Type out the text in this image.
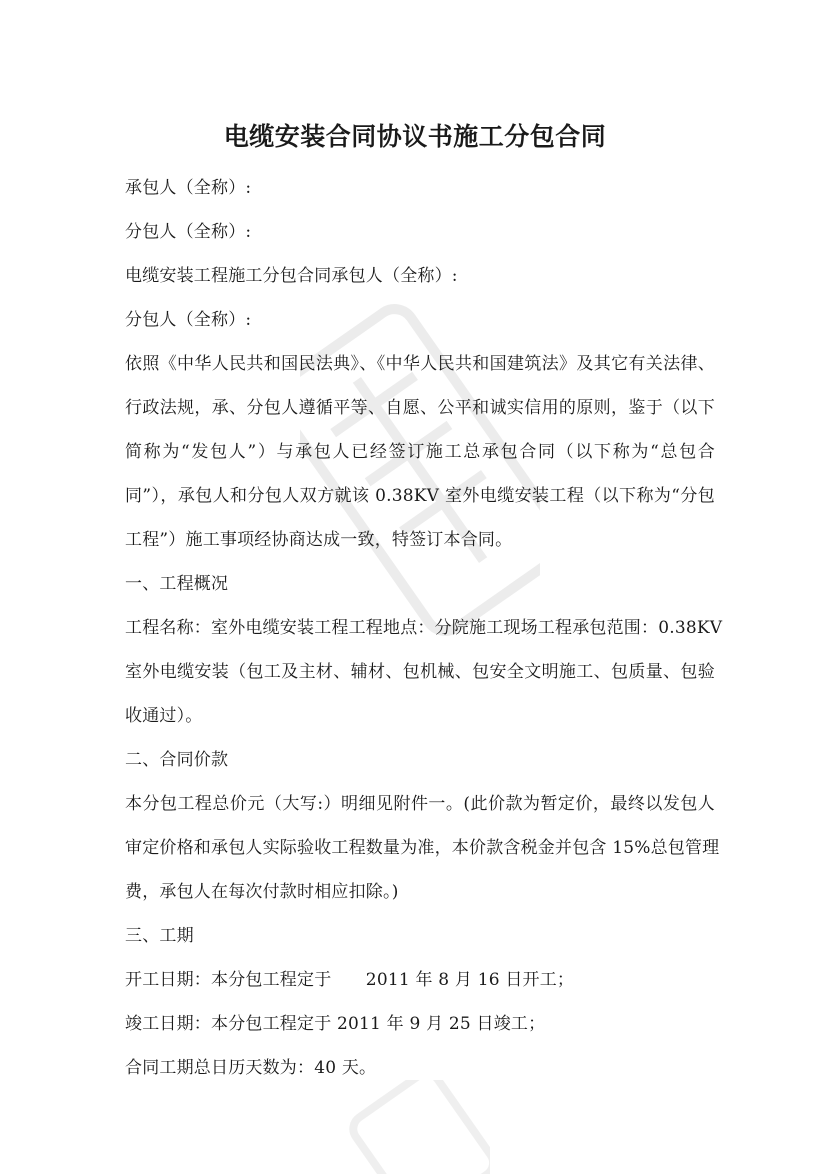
电缆安装合同协议书施工分包合同
承包人（全称）:
分包人（全称）:
电缆安装工程施工分包合同承包人（全称）:
分包人（全称）:
依照《中华人民共和国民法典》、《中华人民共和国建筑法》及其它有关法律、
行政法规，承、分包人遵循平等、自愿、公平和诚实信用的原则，鉴于（以下
简称为“发包人”）与承包人已经签订施工总承包合同（以下称为“总包合
同”），承包人和分包人双方就该 0.38KV 室外电缆安装工程（以下称为“分包
工程”）施工事项经协商达成一致，特签订本合同。
一、工程概况
工程名称：室外电缆安装工程工程地点：分院施工现场工程承包范围：0.38KV
室外电缆安装（包工及主材、辅材、包机械、包安全文明施工、包质量、包验
收通过）。
二、合同价款
本分包工程总价元（大写:）明细见附件一。(此价款为暂定价，最终以发包人
审定价格和承包人实际验收工程数量为准，本价款含税金并包含 15%总包管理
费，承包人在每次付款时相应扣除。)
三、工期
开工日期：本分包工程定于　　2011 年 8 月 16 日开工；
竣工日期：本分包工程定于 2011 年 9 月 25 日竣工；
合同工期总日历天数为：40 天。
